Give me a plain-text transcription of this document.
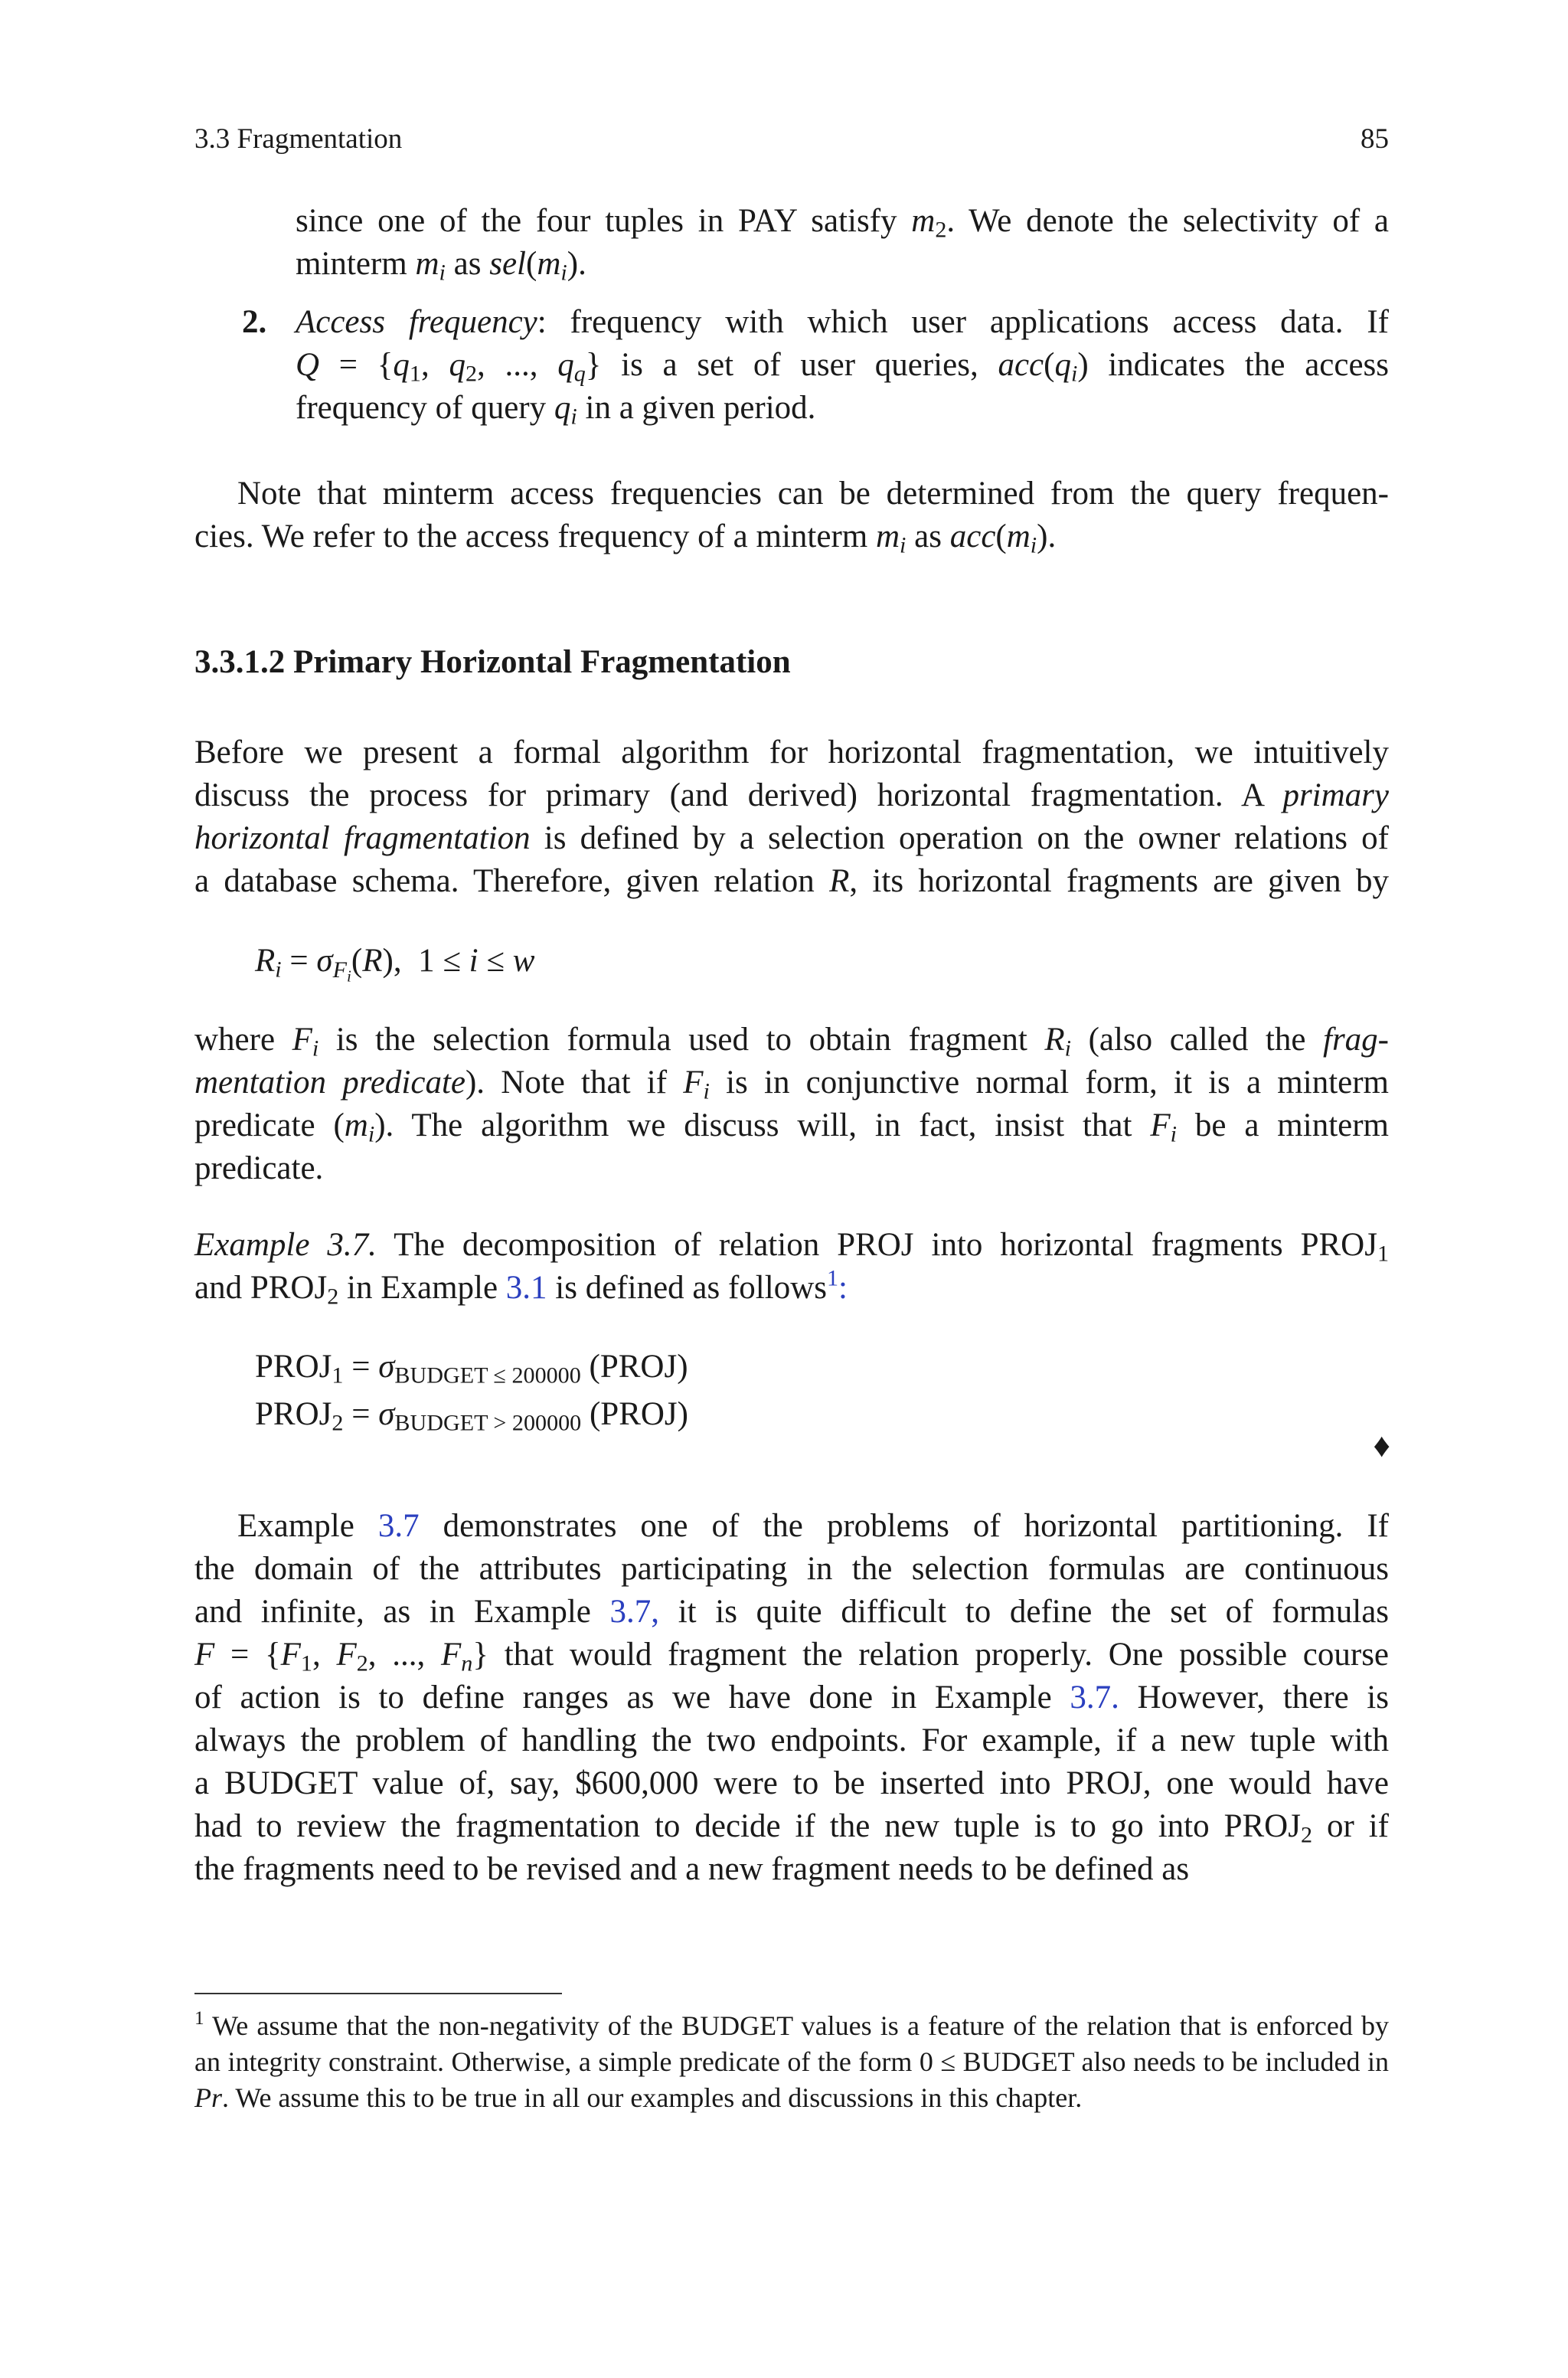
3.3 Fragmentation	85
since one of the four tuples in PAY satisfy $m_2$. We denote the selectivity of a
minterm $m_i$ as $sel(m_i)$.
2. Access frequency: frequency with which user applications access data. If
$Q = \{q_1$, $q_2$, ..., $q_q$} is a set of user queries, $acc(q_i)$ indicates the access
frequency of query $q_i$ in a given period.
Note that minterm access frequencies can be determined from the query frequen-
cies. We refer to the access frequency of a minterm $m_i$ as $acc(m_i)$.
3.3.1.2 Primary Horizontal Fragmentation
Before we present a formal algorithm for horizontal fragmentation, we intuitively
discuss the process for primary (and derived) horizontal fragmentation. A primary
horizontal fragmentation is defined by a selection operation on the owner relations of
a database schema. Therefore, given relation R, its horizontal fragments are given by
$R_i = \sigma_{F_i}(R)$,  1 ≤ i ≤ w
where $F_i$ is the selection formula used to obtain fragment $R_i$ (also called the frag-
mentation predicate). Note that if $F_i$ is in conjunctive normal form, it is a minterm
predicate $(m_i)$. The algorithm we discuss will, in fact, insist that $F_i$ be a minterm
predicate.
Example 3.7. The decomposition of relation PROJ into horizontal fragments $PROJ_1$
and $PROJ_2$ in Example 3.1 is defined as follows$^1$:
$PROJ_1 = \sigma_{BUDGET \le 200000}$ (PROJ)
$PROJ_2 = \sigma_{BUDGET > 200000}$ (PROJ)
♦
Example 3.7 demonstrates one of the problems of horizontal partitioning. If
the domain of the attributes participating in the selection formulas are continuous
and infinite, as in Example 3.7, it is quite difficult to define the set of formulas
$F = \{F_1$, $F_2$, ..., $F_n$} that would fragment the relation properly. One possible course
of action is to define ranges as we have done in Example 3.7. However, there is
always the problem of handling the two endpoints. For example, if a new tuple with
a BUDGET value of, say, $600,000 were to be inserted into PROJ, one would have
had to review the fragmentation to decide if the new tuple is to go into $PROJ_2$ or if
the fragments need to be revised and a new fragment needs to be defined as
$^1$ We assume that the non-negativity of the BUDGET values is a feature of the relation that is enforced by an integrity constraint. Otherwise, a simple predicate of the form 0 ≤ BUDGET also needs to be included in Pr. We assume this to be true in all our examples and discussions in this chapter.
